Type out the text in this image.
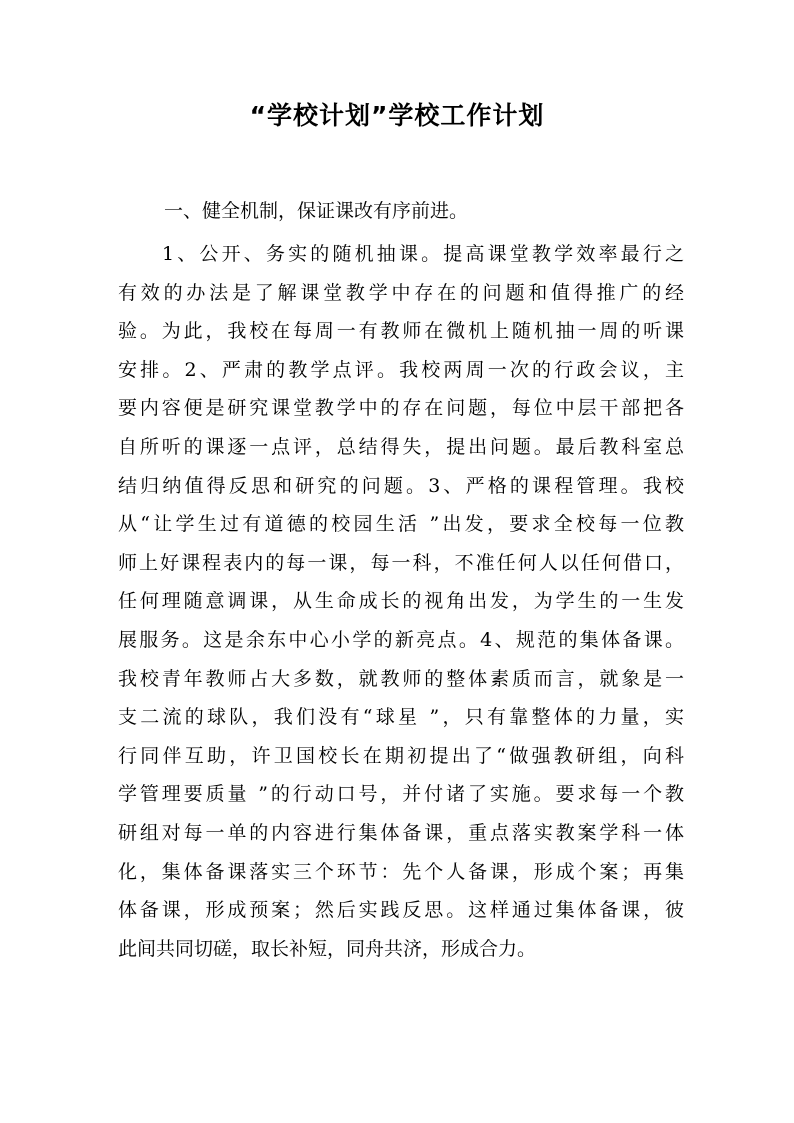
“学校计划”学校工作计划
一、健全机制，保证课改有序前进。
1、公开、务实的随机抽课。提高课堂教学效率最行之
有效的办法是了解课堂教学中存在的问题和值得推广的经
验。为此，我校在每周一有教师在微机上随机抽一周的听课
安排。2、严肃的教学点评。我校两周一次的行政会议，主
要内容便是研究课堂教学中的存在问题，每位中层干部把各
自所听的课逐一点评，总结得失，提出问题。最后教科室总
结归纳值得反思和研究的问题。3、严格的课程管理。我校
从“让学生过有道德的校园生活 ”出发，要求全校每一位教
师上好课程表内的每一课，每一科，不准任何人以任何借口，
任何理随意调课，从生命成长的视角出发，为学生的一生发
展服务。这是余东中心小学的新亮点。4、规范的集体备课。
我校青年教师占大多数，就教师的整体素质而言，就象是一
支二流的球队，我们没有“球星 ”，只有靠整体的力量，实
行同伴互助，许卫国校长在期初提出了“做强教研组，向科
学管理要质量 ”的行动口号，并付诸了实施。要求每一个教
研组对每一单的内容进行集体备课，重点落实教案学科一体
化，集体备课落实三个环节：先个人备课，形成个案；再集
体备课，形成预案；然后实践反思。这样通过集体备课，彼
此间共同切磋，取长补短，同舟共济，形成合力。
